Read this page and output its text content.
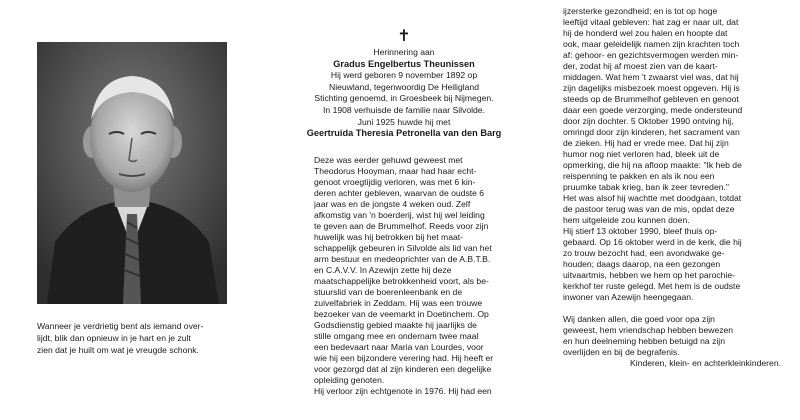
Wanneer je verdrietig bent als iemand over-
lijdt, blik dan opnieuw in je hart en je zult
zien dat je huilt om wat je vreugde schonk.
✝
Herinnering aan
Gradus Engelbertus Theunissen
Hij werd geboren 9 november 1892 op
Nieuwland, tegenwoordig De Heiligland
Stichting genoemd, in Groesbeek bij Nijmegen.
In 1908 verhuisde de familie naar Silvolde.
Juni 1925 huwde hij met
Geertruida Theresia Petronella van den Barg
Deze was eerder gehuwd geweest met
Theodorus Hooyman, maar had haar echt-
genoot vroegtijdig verloren, was met 6 kin-
deren achter gebleven, waarvan de oudste 6
jaar was en de jongste 4 weken oud. Zelf
afkomstig van 'n boerderij, wist hij wel leiding
te geven aan de Brummelhof. Reeds voor zijn
huwelijk was hij betrokken bij het maat-
schappelijk gebeuren in Silvolde als lid van het
arm bestuur en medeoprichter van de A.B.T.B.
en C.A.V.V. In Azewijn zette hij deze
maatschappelijke betrokkenheid voort, als be-
stuurslid van de boerenleenbank en de
zuivelfabriek in Zeddam. Hij was een trouwe
bezoeker van de veemarkt in Doetinchem. Op
Godsdienstig gebied maakte hij jaarlijks de
stille omgang mee en ondernam twee maal
een bedevaart naar Maria van Lourdes, voor
wie hij een bijzondere verering had. Hij heeft er
voor gezorgd dat al zijn kinderen een degelijke
opleiding genoten.
Hij verloor zijn echtgenote in 1976. Hij had een
ijzersterke gezondheid; en is tot op hoge
leeftijd vitaal gebleven: hat zag er naar uit, dat
hij de honderd wel zou halen en hoopte dat
ook, maar geleidelijk namen zijn krachten toch
af: gehoor- en gezichtsvermogen werden min-
der, zodat hij af moest zien van de kaart-
middagen. Wat hem 't zwaarst viel was, dat hij
zijn dagelijks misbezoek moest opgeven. Hij is
steeds op de Brummelhof gebleven en genoot
daar een goede verzorging, mede ondersteund
door zijn dochter. 5 Oktober 1990 ontving hij,
omringd door zijn kinderen, het sacrament van
de zieken. Hij had er vrede mee. Dat hij zijn
humor nog niet verloren had, bleek uit de
opmerking, die hij na afloop maakte: "Ik heb de
reispenning te pakken en als ik nou een
pruumke tabak krieg, ban ik zeer tevreden."
Het was alsof hij wachtte met doodgaan, totdat
de pastoor terug was van de mis, opdat deze
hem uitgeleide zou kunnen doen.
Hij stierf 13 oktober 1990, bleef thuis op-
gebaard. Op 16 oktober werd in de kerk, die hij
zo trouw bezocht had, een avondwake ge-
houden; daags daarop, na een gezongen
uitvaartmis, hebben we hem op het parochie-
kerkhof ter ruste gelegd. Met hem is de oudste
inwoner van Azewijn heengegaan.
Wij danken allen, die goed voor opa zijn
geweest, hem vriendschap hebben bewezen
en hun deelneming hebben betuigd na zijn
overlijden en bij de begrafenis.
Kinderen, klein- en achterkleinkinderen.
